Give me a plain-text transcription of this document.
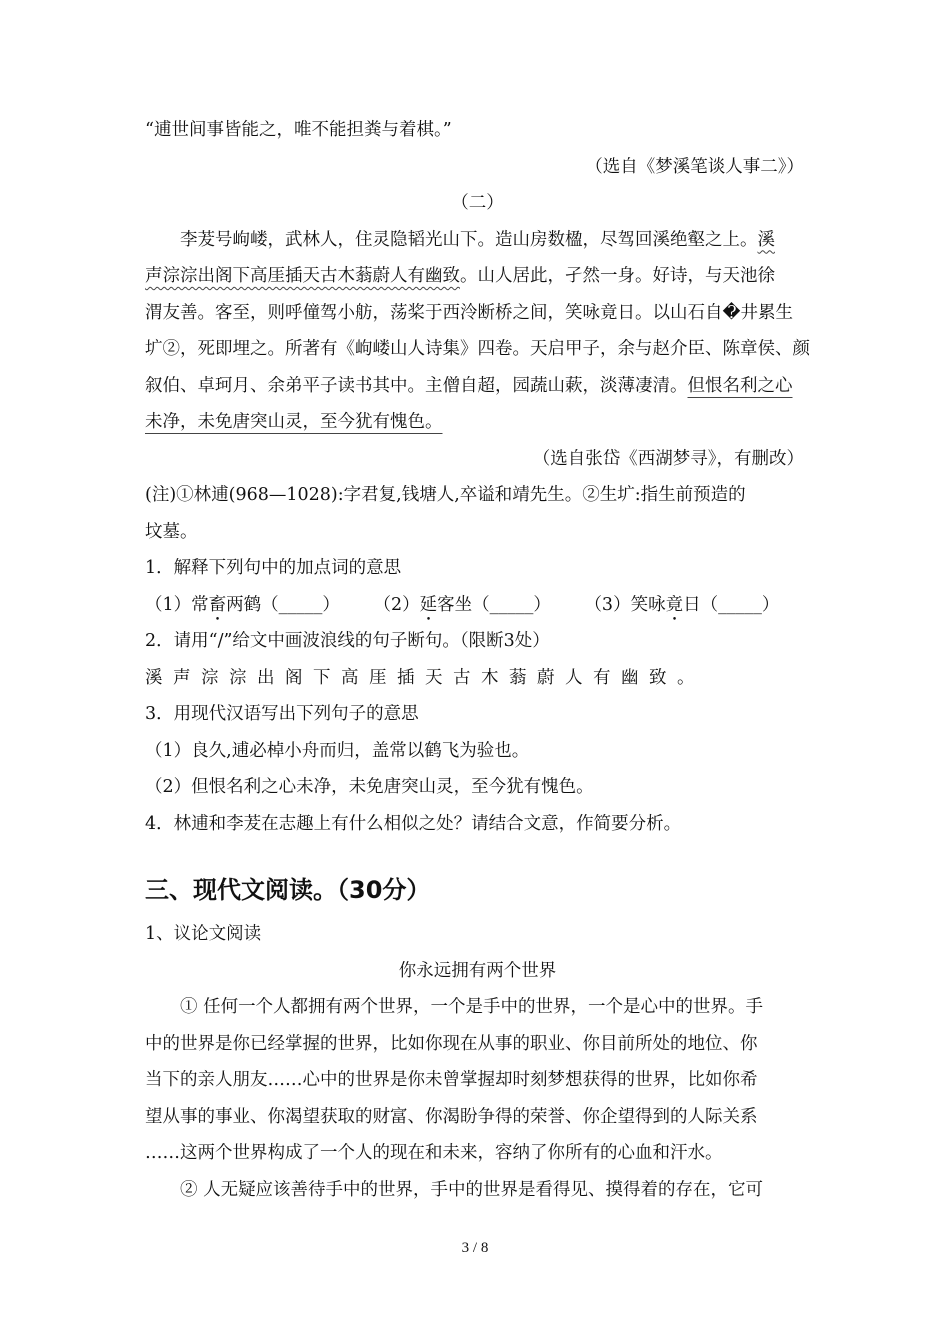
“逋世间事皆能之，唯不能担粪与着棋。”
（选自《梦溪笔谈人事二》）
（二）
李茇号岣嵝，武林人，住灵隐韬光山下。造山房数楹，尽驾回溪绝壑之上。溪
声淙淙出阁下高厓插天古木蓊蔚人有幽致。山人居此，孑然一身。好诗，与天池徐
渭友善。客至，则呼僮驾小舫，荡桨于西泠断桥之间，笑咏竟日。以山石自�井累生
圹②，死即埋之。所著有《岣嵝山人诗集》四卷。天启甲子，余与赵介臣、陈章侯、颜
叙伯、卓珂月、余弟平子读书其中。主僧自超，园蔬山蔌，淡薄凄清。但恨名利之心
未净，未免唐突山灵，至今犹有愧色。
（选自张岱《西湖梦寻》，有删改）
(注)①林逋(968—1028):字君复,钱塘人,卒谥和靖先生。②生圹:指生前预造的
坟墓。
1．解释下列句中的加点词的意思
（1）常畜两鹤（_____） （2）延客坐（_____） （3）笑咏竟日（_____）
2．请用“/”给文中画波浪线的句子断句。（限断3处）
溪声淙淙出阁下高厓插天古木蓊蔚人有幽致。
3．用现代汉语写出下列句子的意思
（1）良久,逋必棹小舟而归，盖常以鹤飞为验也。
（2）但恨名利之心未净，未免唐突山灵，至今犹有愧色。
4．林逋和李茇在志趣上有什么相似之处？请结合文意，作简要分析。
三、现代文阅读。（30分）
1、议论文阅读
你永远拥有两个世界
① 任何一个人都拥有两个世界，一个是手中的世界，一个是心中的世界。手
中的世界是你已经掌握的世界，比如你现在从事的职业、你目前所处的地位、你
当下的亲人朋友……心中的世界是你未曾掌握却时刻梦想获得的世界，比如你希
望从事的事业、你渴望获取的财富、你渴盼争得的荣誉、你企望得到的人际关系
……这两个世界构成了一个人的现在和未来，容纳了你所有的心血和汗水。
② 人无疑应该善待手中的世界，手中的世界是看得见、摸得着的存在，它可
3 / 8
